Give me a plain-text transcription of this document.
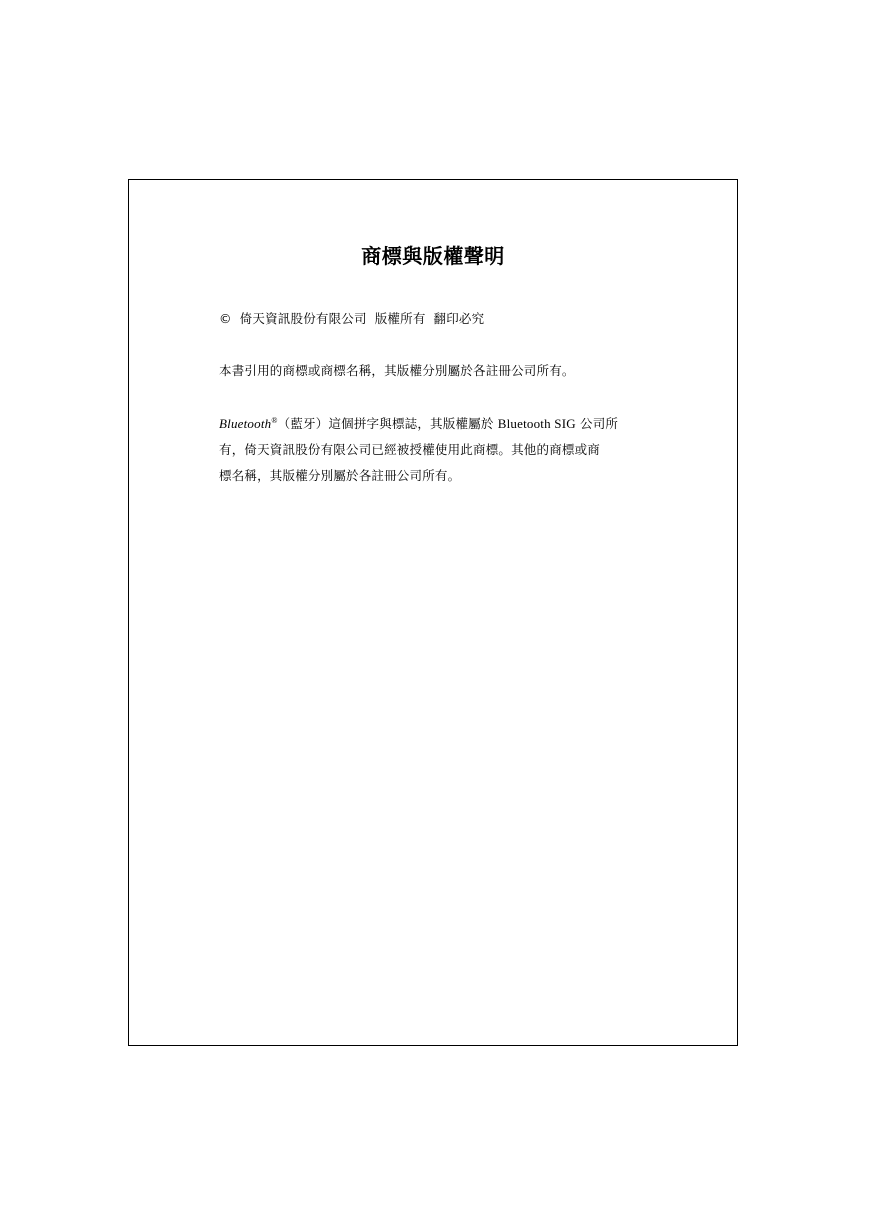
商標與版權聲明
© 倚天資訊股份有限公司 版權所有 翻印必究
本書引用的商標或商標名稱，其版權分別屬於各註冊公司所有。
Bluetooth®（藍牙）這個拼字與標誌，其版權屬於 Bluetooth SIG 公司所
有，倚天資訊股份有限公司已經被授權使用此商標。其他的商標或商
標名稱，其版權分別屬於各註冊公司所有。
